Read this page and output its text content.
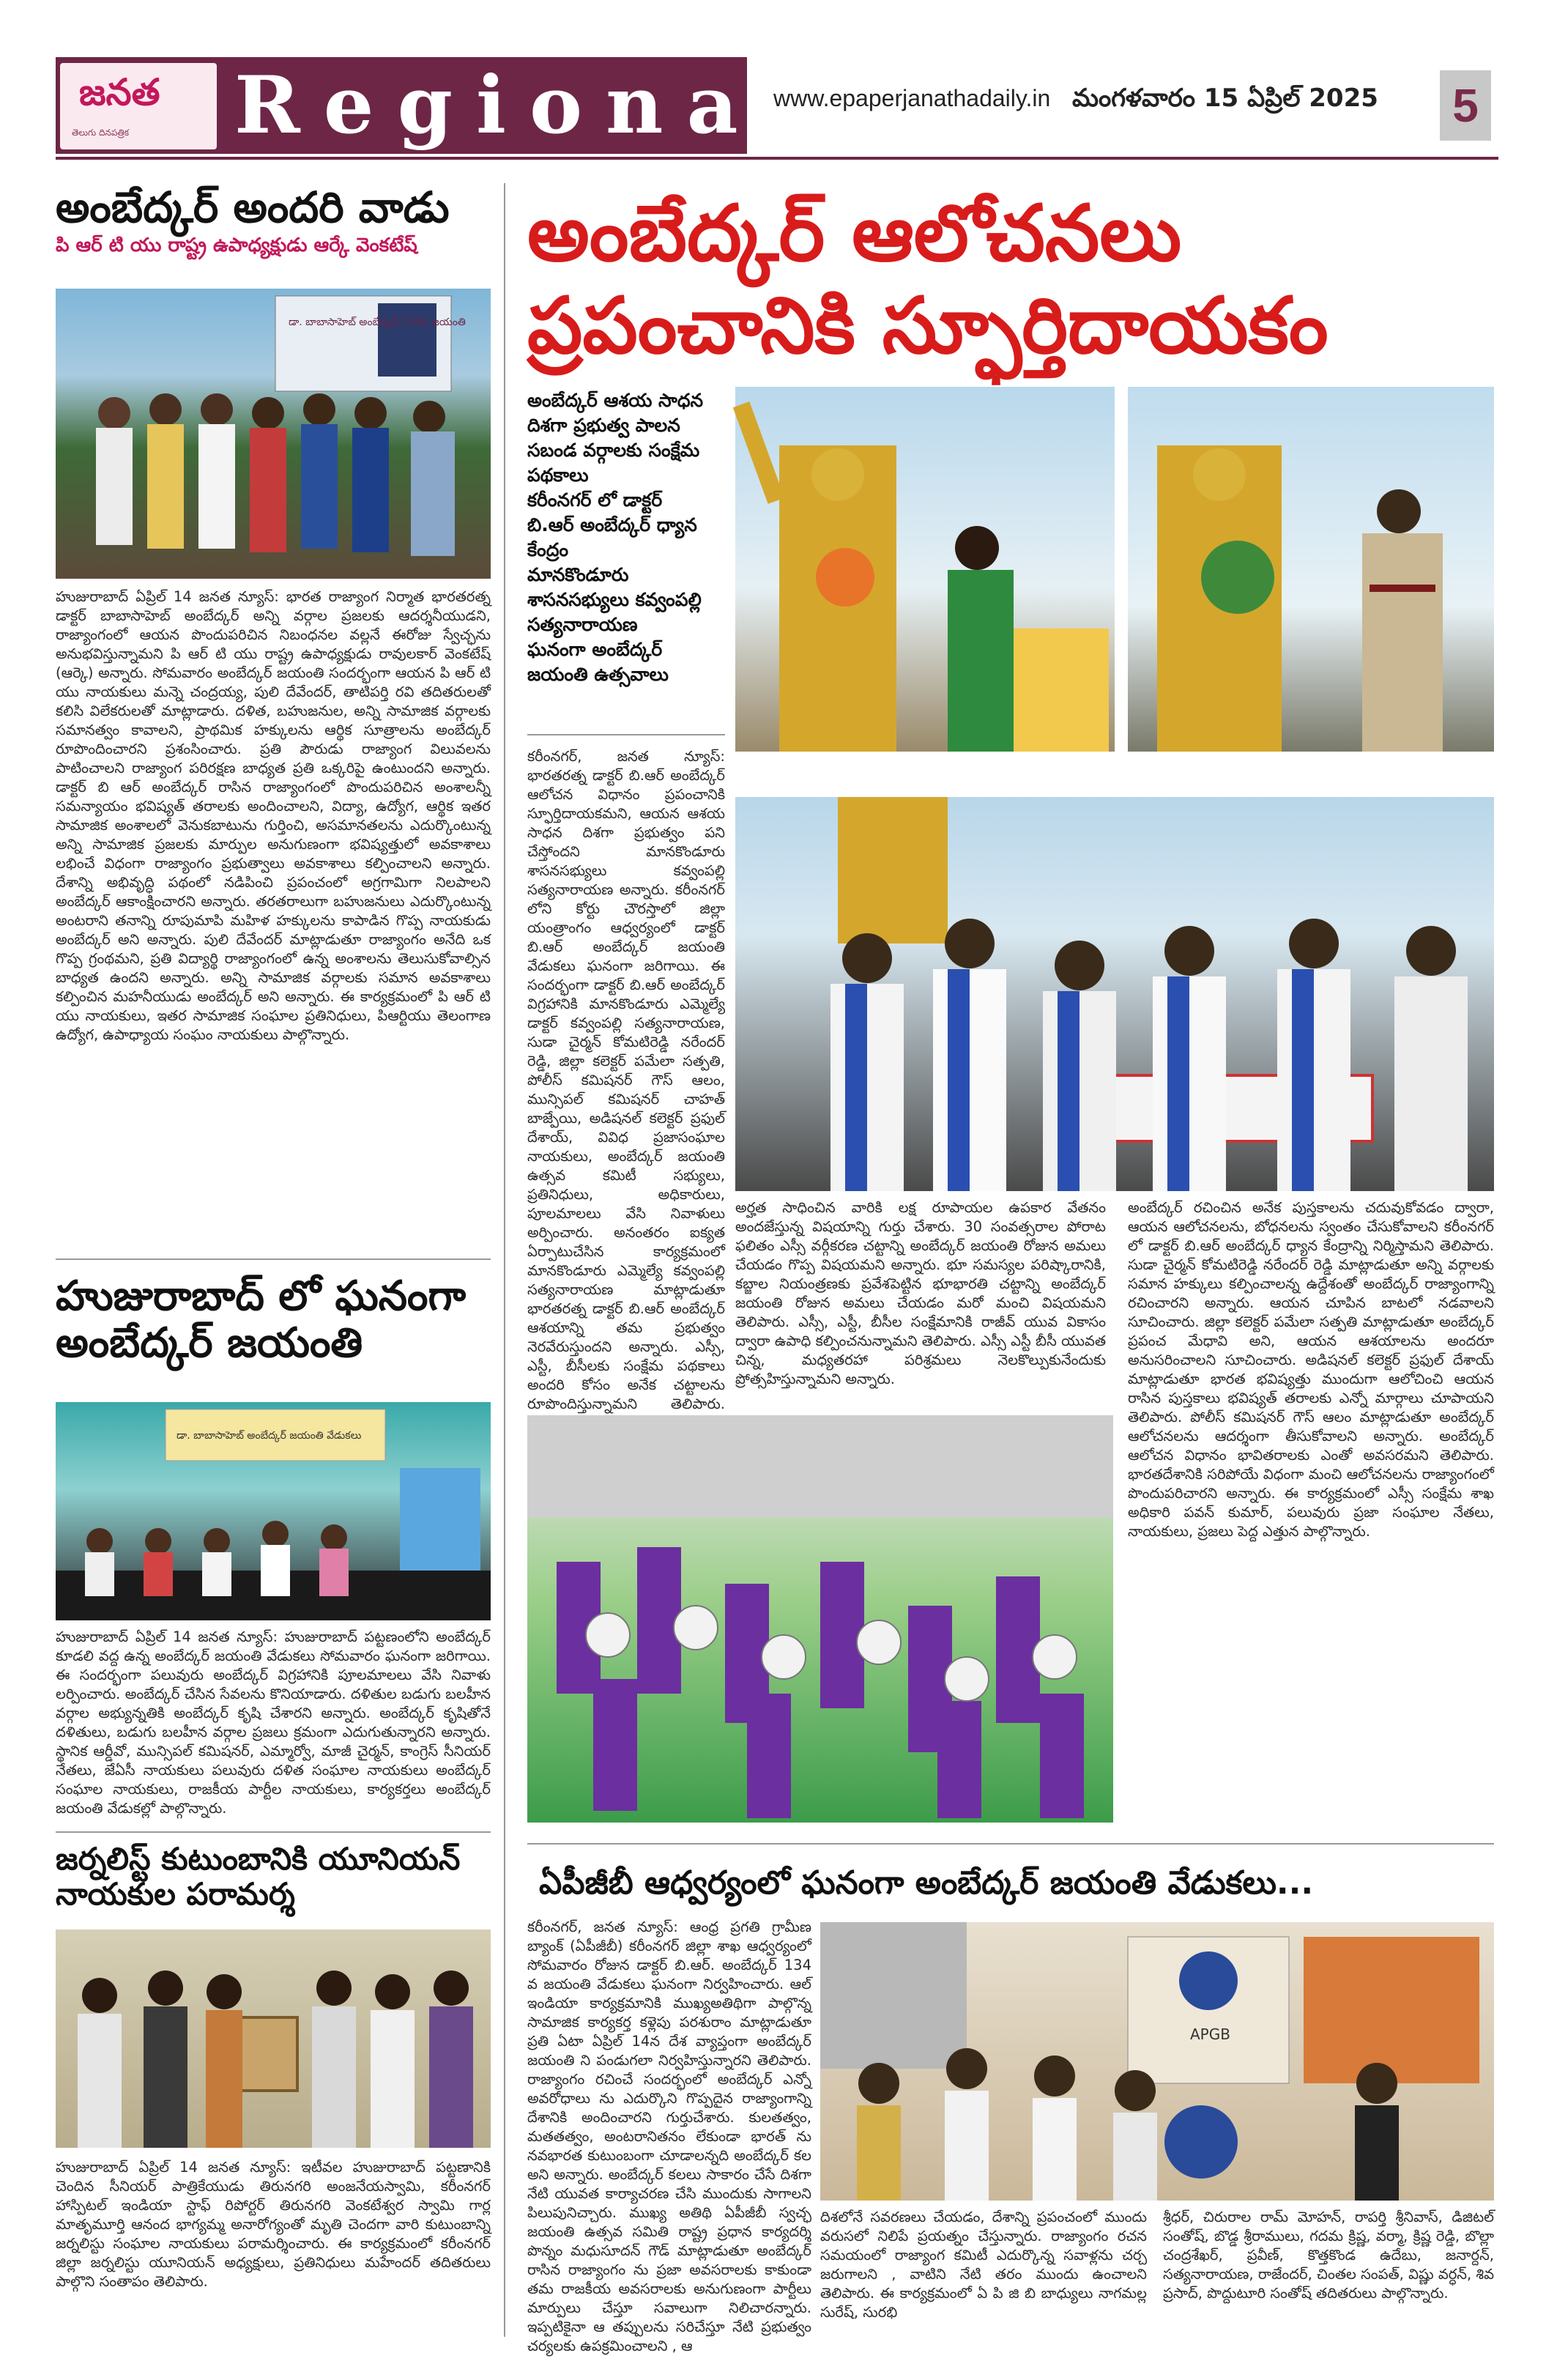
జనత
తెలుగు దినపత్రిక Regional
www.epaperjanathadaily.in మంగళవారం 15 ఏప్రిల్ 2025 5
అంబేద్కర్ అందరి వాడు
పి ఆర్ టి యు రాష్ట్ర ఉపాధ్యక్షుడు ఆర్కే వెంకటేష్
డా. బాబాసాహెబ్ అంబేద్కర్ 134వ జయంతి
హుజురాబాద్ ఏప్రిల్ 14 జనత న్యూస్: భారత రాజ్యాంగ నిర్మాత భారతరత్న డాక్టర్ బాబాసాహెబ్ అంబేద్కర్ అన్ని వర్గాల ప్రజలకు ఆదర్శనీయుడని, రాజ్యాంగంలో ఆయన పొందుపరిచిన నిబంధనల వల్లనే ఈరోజు స్వేచ్ఛను అనుభవిస్తున్నామని పి ఆర్ టి యు రాష్ట్ర ఉపాధ్యక్షుడు రావులకార్ వెంకటేష్ (ఆర్కె) అన్నారు. సోమవారం అంబేద్కర్ జయంతి సందర్భంగా ఆయన పి ఆర్ టి యు నాయకులు మన్నె చంద్రయ్య, పులి దేవేందర్, తాటిపర్తి రవి తదితరులతో కలిసి విలేకరులతో మాట్లాడారు. దళిత, బహుజనుల, అన్ని సామాజిక వర్గాలకు సమానత్వం కావాలని, ప్రాథమిక హక్కులను ఆర్థిక సూత్రాలను అంబేద్కర్ రూపొందించారని ప్రశంసించారు. ప్రతి పౌరుడు రాజ్యాంగ విలువలను పాటించాలని రాజ్యాంగ పరిరక్షణ బాధ్యత ప్రతి ఒక్కరిపై ఉంటుందని అన్నారు. డాక్టర్ బి ఆర్ అంబేద్కర్ రాసిన రాజ్యాంగంలో పొందుపరిచిన అంశాలన్నీ సమన్యాయం భవిష్యత్ తరాలకు అందించాలని, విద్యా, ఉద్యోగ, ఆర్థిక ఇతర సామాజిక అంశాలలో వెనుకబాటును గుర్తించి, అసమానతలను ఎదుర్కొంటున్న అన్ని సామాజిక ప్రజలకు మార్పుల అనుగుణంగా భవిష్యత్తులో అవకాశాలు లభించే విధంగా రాజ్యాంగం ప్రభుత్వాలు అవకాశాలు కల్పించాలని అన్నారు. దేశాన్ని అభివృద్ధి పథంలో నడిపించి ప్రపంచంలో అగ్రగామిగా నిలపాలని అంబేద్కర్ ఆకాంక్షించారని అన్నారు. తరతరాలుగా బహుజనులు ఎదుర్కొంటున్న అంటరాని తనాన్ని రూపుమాపి మహిళ హక్కులను కాపాడిన గొప్ప నాయకుడు అంబేద్కర్ అని అన్నారు. పులి దేవేందర్ మాట్లాడుతూ రాజ్యాంగం అనేది ఒక గొప్ప గ్రంథమని, ప్రతి విద్యార్థి రాజ్యాంగంలో ఉన్న అంశాలను తెలుసుకోవాల్సిన బాధ్యత ఉందని అన్నారు. అన్ని సామాజిక వర్గాలకు సమాన అవకాశాలు కల్పించిన మహనీయుడు అంబేద్కర్ అని అన్నారు. ఈ కార్యక్రమంలో పి ఆర్ టి యు నాయకులు, ఇతర సామాజిక సంఘాల ప్రతినిధులు, పిఆర్టియు తెలంగాణ ఉద్యోగ, ఉపాధ్యాయ సంఘం నాయకులు పాల్గొన్నారు.
హుజురాబాద్ లో ఘనంగా అంబేద్కర్ జయంతి
డా. బాబాసాహెబ్ అంబేద్కర్ జయంతి వేడుకలు
హుజురాబాద్ ఏప్రిల్ 14 జనత న్యూస్: హుజురాబాద్ పట్టణంలోని అంబేద్కర్ కూడలి వద్ద ఉన్న అంబేద్కర్ జయంతి వేడుకలు సోమవారం ఘనంగా జరిగాయి. ఈ సందర్భంగా పలువురు అంబేద్కర్ విగ్రహానికి పూలమాలలు వేసి నివాళు లర్పించారు. అంబేద్కర్ చేసిన సేవలను కొనియాడారు. దళితుల బడుగు బలహీన వర్గాల అభ్యున్నతికి అంబేద్కర్ కృషి చేశారని అన్నారు. అంబేద్కర్ కృషితోనే దళితులు, బడుగు బలహీన వర్గాల ప్రజలు క్రమంగా ఎదుగుతున్నారని అన్నారు. స్థానిక ఆర్డీవో, మున్సిపల్ కమిషనర్, ఎమ్మార్వో, మాజీ చైర్మన్, కాంగ్రెస్ సీనియర్ నేతలు, జేఏసీ నాయకులు పలువురు దళిత సంఘాల నాయకులు అంబేద్కర్ సంఘాల నాయకులు, రాజకీయ పార్టీల నాయకులు, కార్యకర్తలు అంబేద్కర్ జయంతి వేడుకల్లో పాల్గొన్నారు.
జర్నలిస్ట్ కుటుంబానికి యూనియన్ నాయకుల పరామర్శ
హుజురాబాద్ ఏప్రిల్ 14 జనత న్యూస్: ఇటీవల హుజురాబాద్ పట్టణానికి చెందిన సీనియర్ పాత్రికేయుడు తిరునగరి అంజనేయస్వామి, కరీంనగర్ హాస్పిటల్ ఇండియా స్టాఫ్ రిపోర్టర్ తిరునగరి వెంకటేశ్వర స్వామి గార్ల మాతృమూర్తి ఆనంద భాగ్యమ్మ అనారోగ్యంతో మృతి చెందగా వారి కుటుంబాన్ని జర్నలిస్టు సంఘాల నాయకులు పరామర్శించారు. ఈ కార్యక్రమంలో కరీంనగర్ జిల్లా జర్నలిస్టు యూనియన్ అధ్యక్షులు, ప్రతినిధులు మహేందర్ తదితరులు పాల్గొని సంతాపం తెలిపారు.
అంబేద్కర్ ఆలోచనలు
ప్రపంచానికి స్ఫూర్తిదాయకం
అంబేద్కర్ ఆశయ సాధన
దిశగా ప్రభుత్వ పాలన
సబండ వర్గాలకు సంక్షేమ
పథకాలు
కరీంనగర్ లో డాక్టర్
బి.ఆర్ అంబేద్కర్ ధ్యాన
కేంద్రం
మానకొండూరు
శాసనసభ్యులు కవ్వంపల్లి
సత్యనారాయణ
ఘనంగా అంబేద్కర్
జయంతి ఉత్సవాలు
కరీంనగర్, జనత న్యూస్: భారతరత్న డాక్టర్ బి.ఆర్ అంబేద్కర్ ఆలోచన విధానం ప్రపంచానికి స్ఫూర్తిదాయకమని, ఆయన ఆశయ సాధన దిశగా ప్రభుత్వం పని చేస్తోందని మానకొండూరు శాసనసభ్యులు కవ్వంపల్లి సత్యనారాయణ అన్నారు. కరీంనగర్ లోని కోర్టు చౌరస్తాలో జిల్లా యంత్రాంగం ఆధ్వర్యంలో డాక్టర్ బి.ఆర్ అంబేద్కర్ జయంతి వేడుకలు ఘనంగా జరిగాయి. ఈ సందర్భంగా డాక్టర్ బి.ఆర్ అంబేద్కర్ విగ్రహానికి మానకొండూరు ఎమ్మెల్యే డాక్టర్ కవ్వంపల్లి సత్యనారాయణ, సుడా చైర్మన్ కోమటిరెడ్డి నరేందర్ రెడ్డి, జిల్లా కలెక్టర్ పమేలా సత్పతి, పోలీస్ కమిషనర్ గౌస్ ఆలం, మున్సిపల్ కమిషనర్ చాహత్ బాజ్పేయి, అడిషనల్ కలెక్టర్ ప్రఫుల్ దేశాయ్, వివిధ ప్రజాసంఘాల నాయకులు, అంబేద్కర్ జయంతి ఉత్సవ కమిటీ సభ్యులు, ప్రతినిధులు, అధికారులు, పూలమాలలు వేసి నివాళులు అర్పించారు. అనంతరం ఐక్యత ఏర్పాటుచేసిన కార్యక్రమంలో మానకొండూరు ఎమ్మెల్యే కవ్వంపల్లి సత్యనారాయణ మాట్లాడుతూ భారతరత్న డాక్టర్ బి.ఆర్ అంబేద్కర్ ఆశయాన్ని తమ ప్రభుత్వం నెరవేరుస్తుందని అన్నారు. ఎస్సీ, ఎస్టీ, బీసీలకు సంక్షేమ పథకాలు అందరి కోసం అనేక చట్టాలను రూపొందిస్తున్నామని తెలిపారు.
అర్హత సాధించిన వారికి లక్ష రూపాయల ఉపకార వేతనం అందజేస్తున్న విషయాన్ని గుర్తు చేశారు. 30 సంవత్సరాల పోరాట ఫలితం ఎస్సీ వర్గీకరణ చట్టాన్ని అంబేద్కర్ జయంతి రోజున అమలు చేయడం గొప్ప విషయమని అన్నారు. భూ సమస్యల పరిష్కారానికి, కబ్జాల నియంత్రణకు ప్రవేశపెట్టిన భూభారతి చట్టాన్ని అంబేద్కర్ జయంతి రోజున అమలు చేయడం మరో మంచి విషయమని తెలిపారు. ఎస్సీ, ఎస్టీ, బీసీల సంక్షేమానికి రాజీవ్ యువ వికాసం ద్వారా ఉపాధి కల్పించనున్నామని తెలిపారు. ఎస్సీ ఎస్టీ బీసీ యువత చిన్న, మధ్యతరహా పరిశ్రమలు నెలకొల్పుకునేందుకు ప్రోత్సహిస్తున్నామని అన్నారు.
అంబేద్కర్ రచించిన అనేక పుస్తకాలను చదువుకోవడం ద్వారా, ఆయన ఆలోచనలను, బోధనలను స్వంతం చేసుకోవాలని కరీంనగర్ లో డాక్టర్ బి.ఆర్ అంబేద్కర్ ధ్యాన కేంద్రాన్ని నిర్మిస్తామని తెలిపారు. సుడా చైర్మన్ కోమటిరెడ్డి నరేందర్ రెడ్డి మాట్లాడుతూ అన్ని వర్గాలకు సమాన హక్కులు కల్పించాలన్న ఉద్దేశంతో అంబేద్కర్ రాజ్యాంగాన్ని రచించారని అన్నారు. ఆయన చూపిన బాటలో నడవాలని సూచించారు. జిల్లా కలెక్టర్ పమేలా సత్పతి మాట్లాడుతూ అంబేద్కర్ ప్రపంచ మేధావి అని, ఆయన ఆశయాలను అందరూ అనుసరించాలని సూచించారు. అడిషనల్ కలెక్టర్ ప్రఫుల్ దేశాయ్ మాట్లాడుతూ భారత భవిష్యత్తు ముందుగా ఆలోచించి ఆయన రాసిన పుస్తకాలు భవిష్యత్ తరాలకు ఎన్నో మార్గాలు చూపాయని తెలిపారు. పోలీస్ కమిషనర్ గౌస్ ఆలం మాట్లాడుతూ అంబేద్కర్ ఆలోచనలను ఆదర్శంగా తీసుకోవాలని అన్నారు. అంబేద్కర్ ఆలోచన విధానం భావితరాలకు ఎంతో అవసరమని తెలిపారు. భారతదేశానికి సరిపోయే విధంగా మంచి ఆలోచనలను రాజ్యాంగంలో పొందుపరిచారని అన్నారు. ఈ కార్యక్రమంలో ఎస్సీ సంక్షేమ శాఖ అధికారి పవన్ కుమార్, పలువురు ప్రజా సంఘాల నేతలు, నాయకులు, ప్రజలు పెద్ద ఎత్తున పాల్గొన్నారు.
ఏపీజీబీ ఆధ్వర్యంలో ఘనంగా అంబేద్కర్ జయంతి వేడుకలు...
కరీంనగర్, జనత న్యూస్: ఆంధ్ర ప్రగతి గ్రామీణ బ్యాంక్ (ఏపీజీబీ) కరీంనగర్ జిల్లా శాఖ ఆధ్వర్యంలో సోమవారం రోజున డాక్టర్ బి.ఆర్. అంబేద్కర్ 134 వ జయంతి వేడుకలు ఘనంగా నిర్వహించారు. ఆల్ ఇండియా కార్యక్రమానికి ముఖ్యఅతిథిగా పాల్గొన్న సామాజిక కార్యకర్త కళ్లెపు పరశురాం మాట్లాడుతూ ప్రతి ఏటా ఏప్రిల్ 14న దేశ వ్యాప్తంగా అంబేద్కర్ జయంతి ని పండుగలా నిర్వహిస్తున్నారని తెలిపారు. రాజ్యాంగం రచించే సందర్భంలో అంబేద్కర్ ఎన్నో అవరోధాలు ను ఎదుర్కొని గొప్పదైన రాజ్యాంగాన్ని దేశానికి అందించారని గుర్తుచేశారు. కులతత్వం, మతతత్వం, అంటరానితనం లేకుండా భారత్ ను నవభారత కుటుంబంగా చూడాలన్నది అంబేద్కర్ కల అని అన్నారు. అంబేద్కర్ కలలు సాకారం చేసే దిశగా నేటి యువత కార్యాచరణ చేసి ముందుకు సాగాలని పిలుపునిచ్చారు. ముఖ్య అతిథి ఏపీజీబీ స్వచ్ఛ జయంతి ఉత్సవ సమితి రాష్ట్ర ప్రధాన కార్యదర్శి పొన్నం మధుసూదన్ గౌడ్ మాట్లాడుతూ అంబేద్కర్ రాసిన రాజ్యాంగం ను ప్రజా అవసరాలకు కాకుండా తమ రాజకీయ అవసరాలకు అనుగుణంగా పార్టీలు మార్పులు చేస్తూ సవాలుగా నిలిచారన్నారు. ఇప్పటికైనా ఆ తప్పులను సరిచేస్తూ నేటి ప్రభుత్వం చర్యలకు ఉపక్రమించాలని , ఆ
APGB
దిశలోనే సవరణలు చేయడం, దేశాన్ని ప్రపంచంలో ముందు వరుసలో నిలిపే ప్రయత్నం చేస్తున్నారు. రాజ్యాంగం రచన సమయంలో రాజ్యాంగ కమిటీ ఎదుర్కొన్న సవాళ్లను చర్చ జరుగాలని , వాటిని నేటి తరం ముందు ఉంచాలని తెలిపారు. ఈ కార్యక్రమంలో ఏ పి జి బి బాధ్యులు నాగమల్ల సురేష్, సురభి
శ్రీధర్, చిరురాల రామ్ మోహన్, రాపర్తి శ్రీనివాస్, డిజిటల్ సంతోష్, బొడ్డ శ్రీరాములు, గదమ క్రిష్ణ, వర్మా, క్రిష్ణ రెడ్డి, బొల్లా చంద్రశేఖర్, ప్రవీణ్, కొత్తకొండ ఉదేబు, జనార్దన్, సత్యనారాయణ, రాజేందర్, చింతల సంపత్, విష్ణు వర్ధన్, శివ ప్రసాద్, పొద్దుటూరి సంతోష్ తదితరులు పాల్గొన్నారు.
